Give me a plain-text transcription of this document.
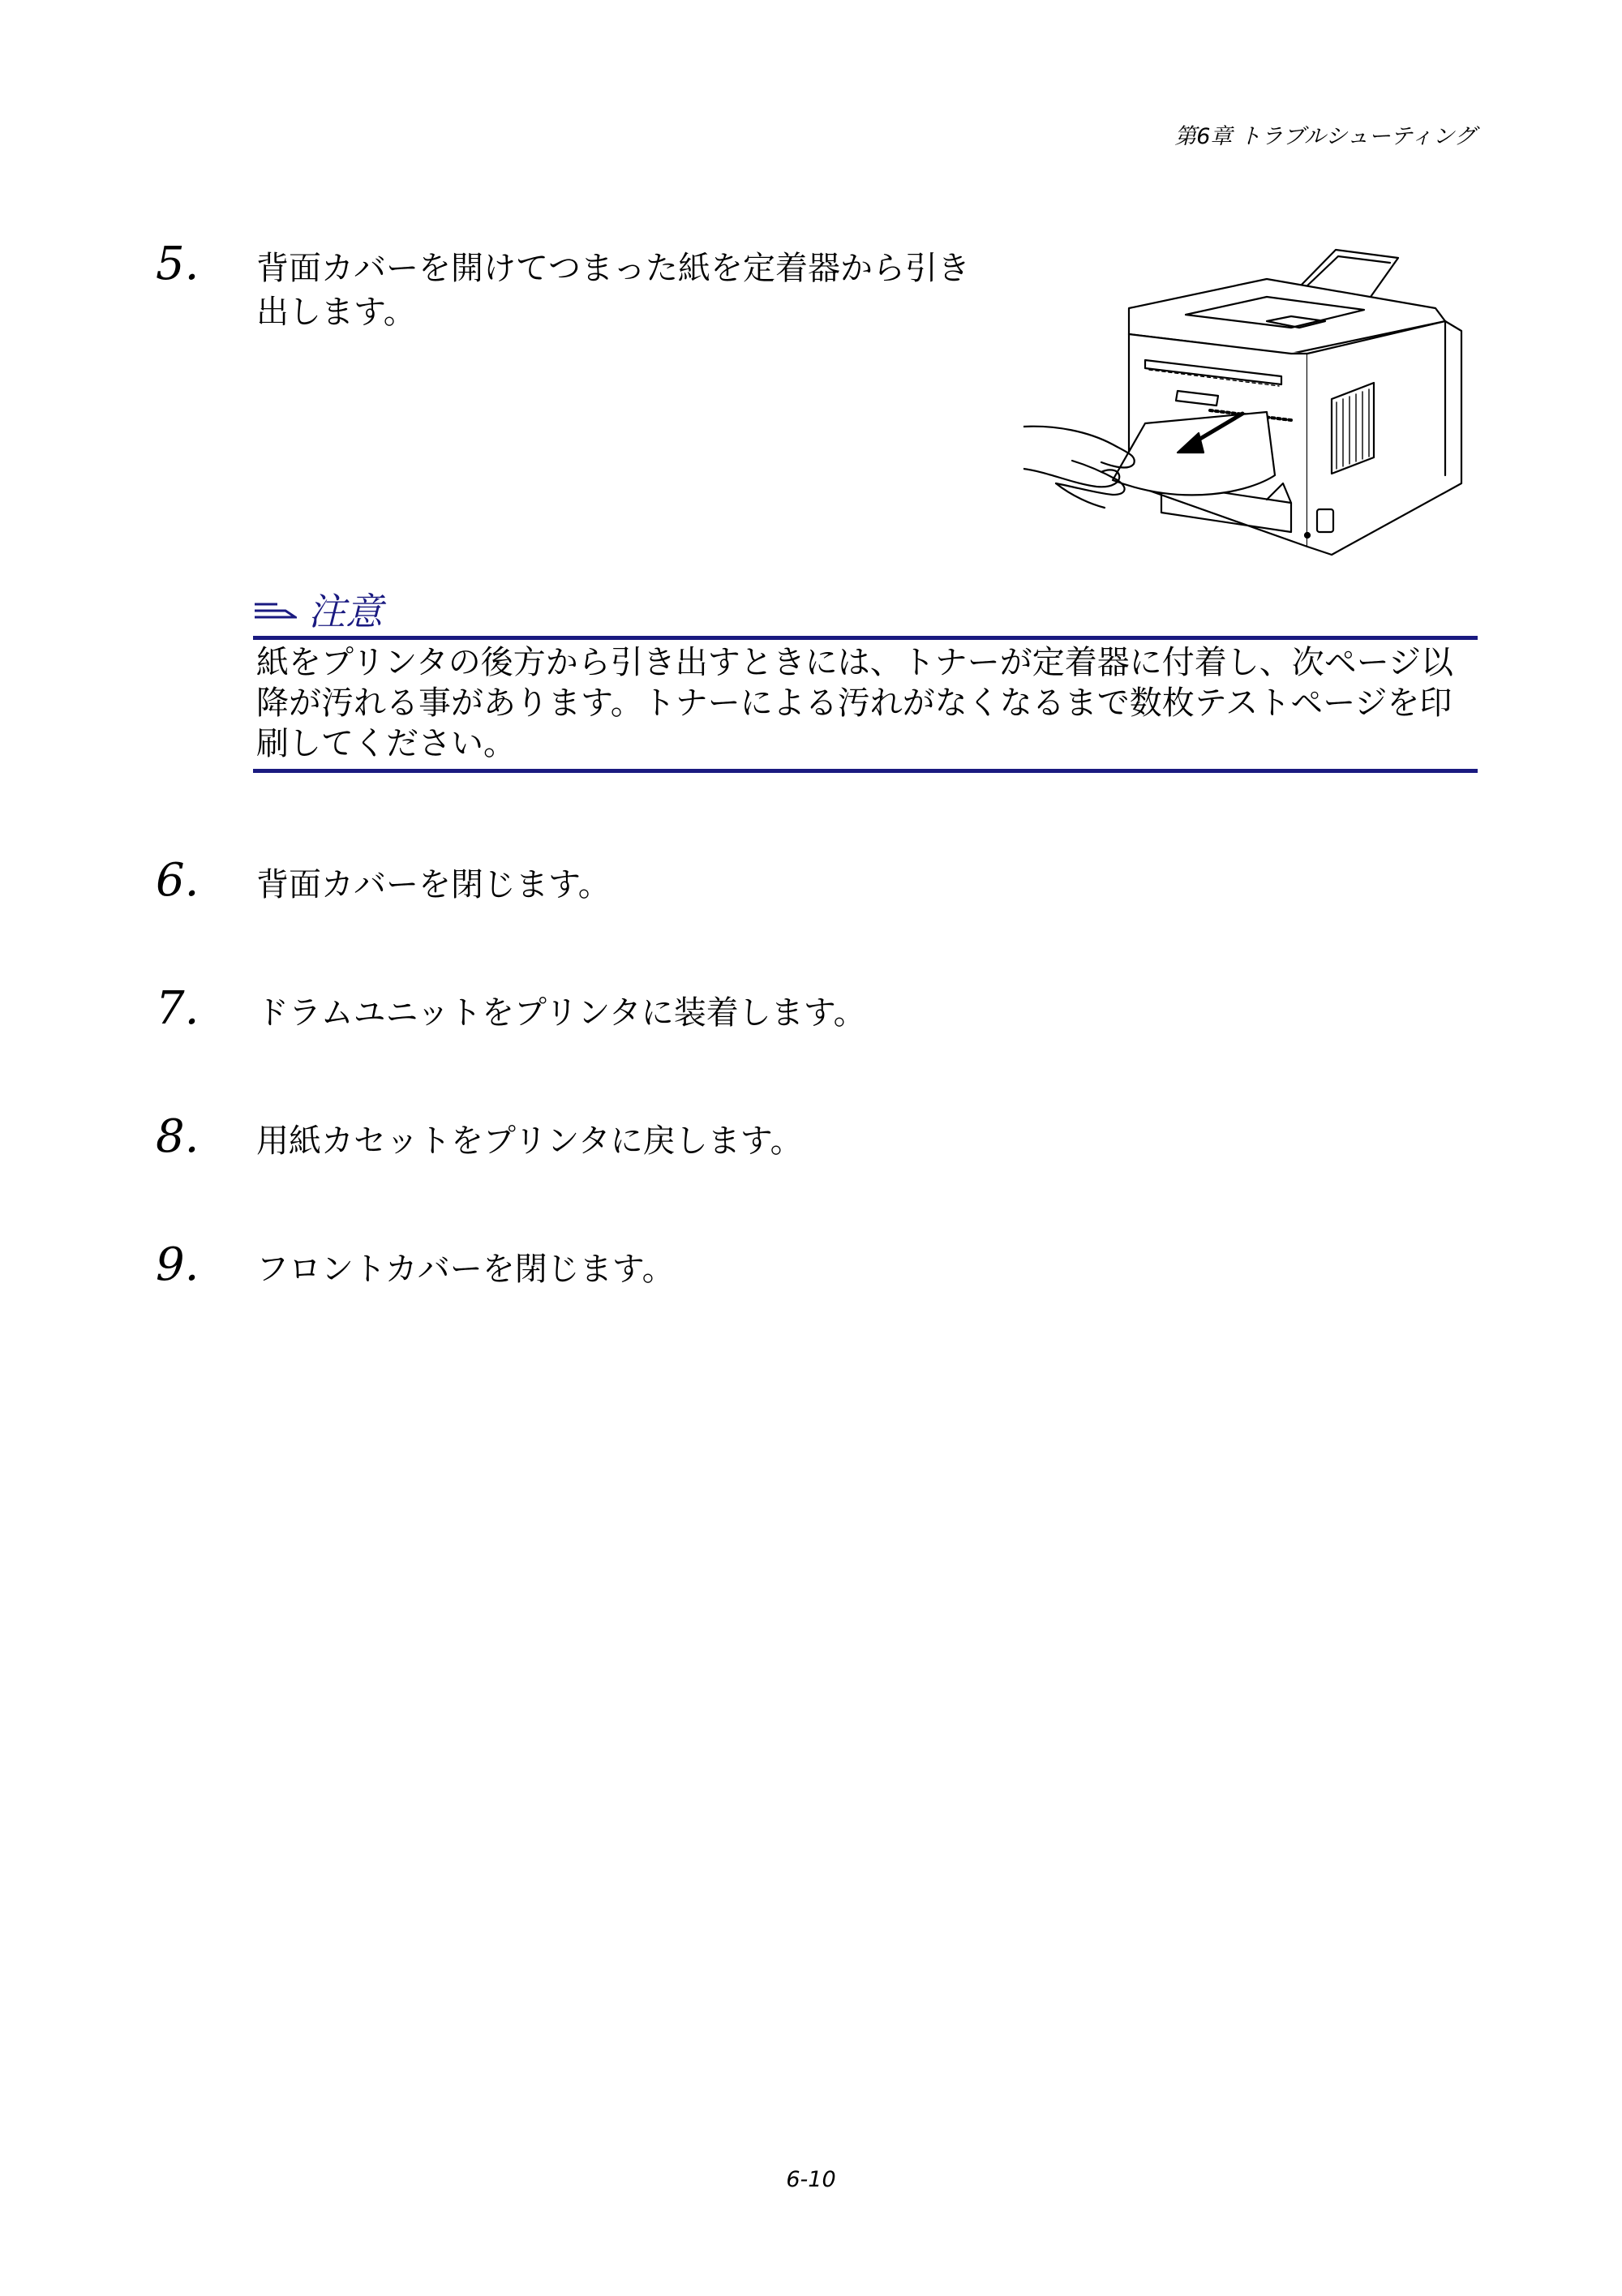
第6章 トラブルシューティング
5. 背面カバーを開けてつまった紙を定着器から引き
出します。
注意
紙をプリンタの後方から引き出すときには、トナーが定着器に付着し、次ページ以
降が汚れる事があります。トナーによる汚れがなくなるまで数枚テストページを印
刷してください。
6. 背面カバーを閉じます。
7. ドラムユニットをプリンタに装着します。
8. 用紙カセットをプリンタに戻します。
9. フロントカバーを閉じます。
6-10
